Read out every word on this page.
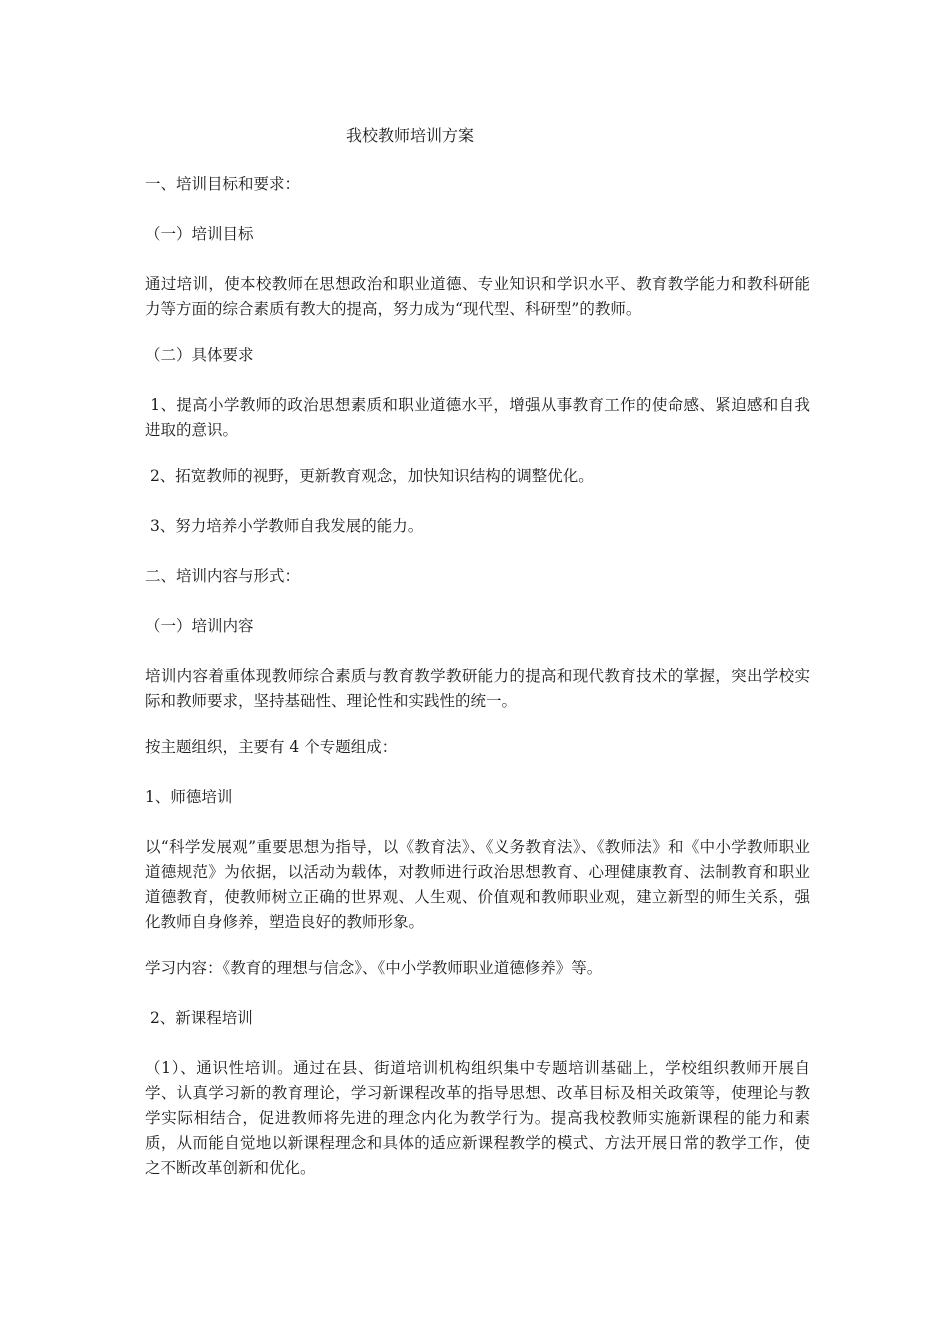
我校教师培训方案

一、培训目标和要求：

（一）培训目标

通过培训，使本校教师在思想政治和职业道德、专业知识和学识水平、教育教学能力和教科研能力等方面的综合素质有教大的提高，努力成为“现代型、科研型”的教师。

（二）具体要求

1、提高小学教师的政治思想素质和职业道德水平，增强从事教育工作的使命感、紧迫感和自我进取的意识。

2、拓宽教师的视野，更新教育观念，加快知识结构的调整优化。

3、努力培养小学教师自我发展的能力。

二、培训内容与形式：

（一）培训内容

培训内容着重体现教师综合素质与教育教学教研能力的提高和现代教育技术的掌握，突出学校实际和教师要求，坚持基础性、理论性和实践性的统一。

按主题组织，主要有 4 个专题组成：

1、师德培训

以“科学发展观”重要思想为指导，以《教育法》、《义务教育法》、《教师法》和《中小学教师职业道德规范》为依据，以活动为载体，对教师进行政治思想教育、心理健康教育、法制教育和职业道德教育，使教师树立正确的世界观、人生观、价值观和教师职业观，建立新型的师生关系，强化教师自身修养，塑造良好的教师形象。

学习内容：《教育的理想与信念》、《中小学教师职业道德修养》等。

2、新课程培训

（1）、通识性培训。通过在县、街道培训机构组织集中专题培训基础上，学校组织教师开展自学、认真学习新的教育理论，学习新课程改革的指导思想、改革目标及相关政策等，使理论与教学实际相结合，促进教师将先进的理念内化为教学行为。提高我校教师实施新课程的能力和素质，从而能自觉地以新课程理念和具体的适应新课程教学的模式、方法开展日常的教学工作，使之不断改革创新和优化。
